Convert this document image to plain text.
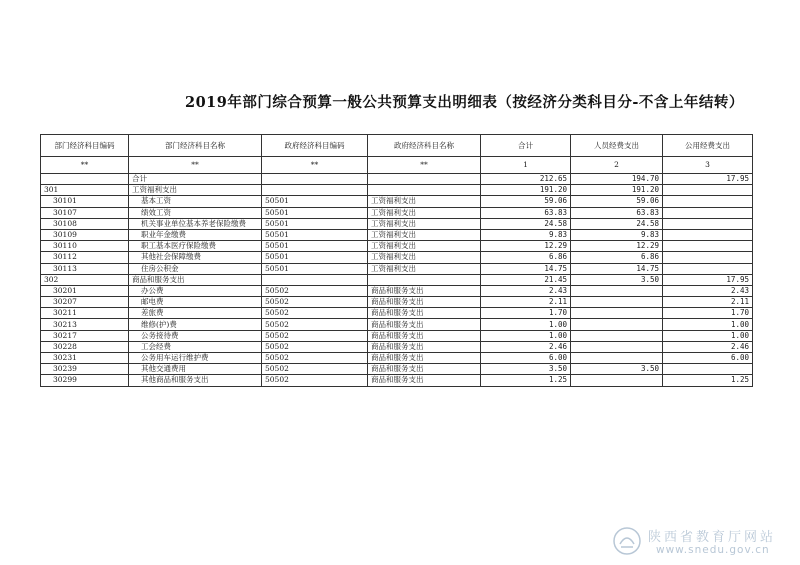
2019年部门综合预算一般公共预算支出明细表（按经济分类科目分-不含上年结转）
部门经济科目编码	部门经济科目名称	政府经济科目编码	政府经济科目名称	合计	人员经费支出	公用经费支出
**	**	**	**	1	2	3
	合计			212.65	194.70	17.95
301	工资福利支出			191.20	191.20	
30101	基本工资	50501	工资福利支出	59.06	59.06	
30107	绩效工资	50501	工资福利支出	63.83	63.83	
30108	机关事业单位基本养老保险缴费	50501	工资福利支出	24.58	24.58	
30109	职业年金缴费	50501	工资福利支出	9.83	9.83	
30110	职工基本医疗保险缴费	50501	工资福利支出	12.29	12.29	
30112	其他社会保障缴费	50501	工资福利支出	6.86	6.86	
30113	住房公积金	50501	工资福利支出	14.75	14.75	
302	商品和服务支出			21.45	3.50	17.95
30201	办公费	50502	商品和服务支出	2.43		2.43
30207	邮电费	50502	商品和服务支出	2.11		2.11
30211	差旅费	50502	商品和服务支出	1.70		1.70
30213	维修(护)费	50502	商品和服务支出	1.00		1.00
30217	公务接待费	50502	商品和服务支出	1.00		1.00
30228	工会经费	50502	商品和服务支出	2.46		2.46
30231	公务用车运行维护费	50502	商品和服务支出	6.00		6.00
30239	其他交通费用	50502	商品和服务支出	3.50	3.50	
30299	其他商品和服务支出	50502	商品和服务支出	1.25		1.25
陕西省教育厅网站
www.snedu.gov.cn
